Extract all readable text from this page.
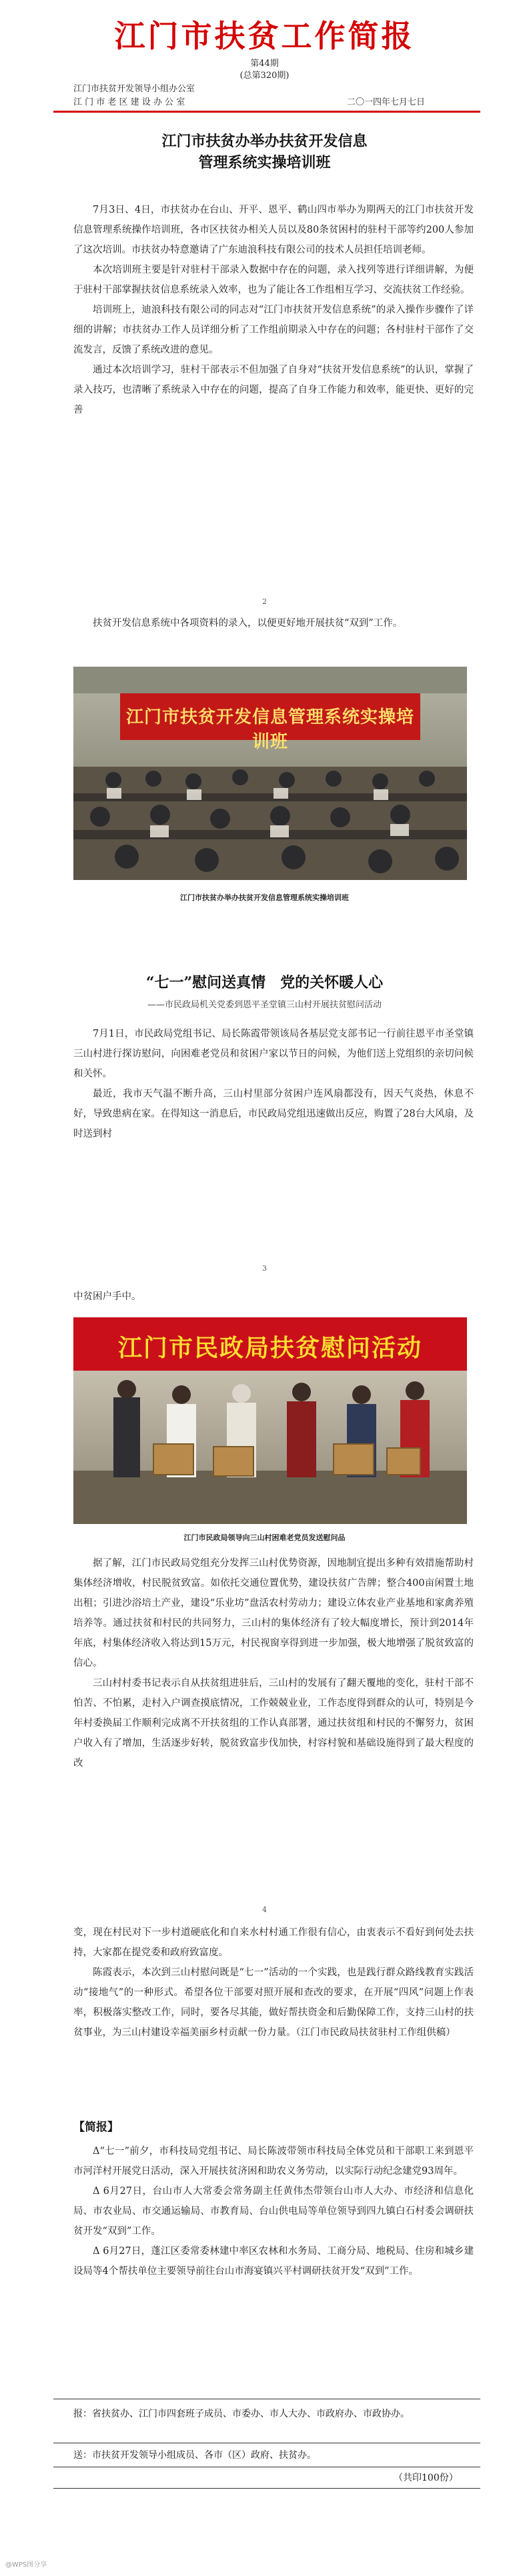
江门市扶贫工作简报
第44期
(总第320期)
江门市扶贫开发领导小组办公室
江 门 市 老 区 建 设 办 公 室	二〇一四年七月七日
江门市扶贫办举办扶贫开发信息
管理系统实操培训班

7月3日、4日，市扶贫办在台山、开平、恩平、鹤山四市举办为期两天的江门市扶贫开发信息管理系统操作培训班，各市区扶贫办相关人员以及80条贫困村的驻村干部等约200人参加了这次培训。市扶贫办特意邀请了广东迪浪科技有限公司的技术人员担任培训老师。

本次培训班主要是针对驻村干部录入数据中存在的问题，录入找列等进行详细讲解，为便于驻村干部掌握扶贫信息系统录入效率，也为了能让各工作组相互学习、交流扶贫工作经验。

培训班上，迪浪科技有限公司的同志对“江门市扶贫开发信息系统”的录入操作步骤作了详细的讲解；市扶贫办工作人员详细分析了工作组前期录入中存在的问题；各村驻村干部作了交流发言，反馈了系统改进的意见。

通过本次培训学习，驻村干部表示不但加强了自身对“扶贫开发信息系统”的认识，掌握了录入技巧，也清晰了系统录入中存在的问题，提高了自身工作能力和效率，能更快、更好的完善

2

扶贫开发信息系统中各项资料的录入，以便更好地开展扶贫“双到”工作。

江门市扶贫开发信息管理系统实操培训班
江门市扶贫办举办扶贫开发信息管理系统实操培训班
“七一”慰问送真情　党的关怀暖人心
——市民政局机关党委到恩平圣堂镇三山村开展扶贫慰问活动

7月1日，市民政局党组书记、局长陈霞带领该局各基层党支部书记一行前往恩平市圣堂镇三山村进行探访慰问，向困难老党员和贫困户家以节日的问候，为他们送上党组织的亲切问候和关怀。

最近，我市天气温不断升高，三山村里部分贫困户连风扇都没有，因天气炎热，休息不好，导致患病在家。在得知这一消息后，市民政局党组迅速做出反应，购置了28台大风扇，及时送到村

3

中贫困户手中。

江门市民政局扶贫慰问活动
江门市民政局领导向三山村困难老党员发送慰问品

据了解，江门市民政局党组充分发挥三山村优势资源，因地制宜提出多种有效措施帮助村集体经济增收，村民脱贫致富。如依托交通位置优势，建设扶贫广告牌；整合400亩闲置土地出租；引进沙浴培土产业，建设“乐业坊”盘活农村劳动力；建设立体农业产业基地和家禽养殖培养等。通过扶贫和村民的共同努力，三山村的集体经济有了较大幅度增长，预计到2014年年底，村集体经济收入将达到15万元，村民视窗享得到进一步加强，极大地增强了脱贫致富的信心。

三山村村委书记表示自从扶贫组进驻后，三山村的发展有了翻天覆地的变化，驻村干部不怕苦、不怕累，走村入户调查摸底情况，工作兢兢业业，工作态度得到群众的认可，特别是今年村委换届工作顺利完成离不开扶贫组的工作认真部署，通过扶贫组和村民的不懈努力，贫困户收入有了增加，生活逐步好转，脱贫致富步伐加快，村容村貌和基础设施得到了最大程度的改

4

变，现在村民对下一步村道硬底化和自来水村村通工作很有信心，由衷表示不看好到何处去扶持，大家都在提党委和政府致富度。

陈霞表示，本次到三山村慰问既是“七一”活动的一个实践，也是践行群众路线教育实践活动“接地气”的一种形式。希望各位干部要对照开展和查改的要求，在开展“四风”问题上作表率，积极落实整改工作，同时，要各尽其能，做好帮扶资金和后勤保障工作，支持三山村的扶贫事业，为三山村建设幸福美丽乡村贡献一份力量。（江门市民政局扶贫驻村工作组供稿）

【简报】

Δ“七一”前夕，市科技局党组书记、局长陈波带领市科技局全体党员和干部职工来到恩平市河洋村开展党日活动，深入开展扶贫济困和助农义务劳动，以实际行动纪念建党93周年。

Δ 6月27日，台山市人大常委会常务副主任黄伟杰带领台山市人大办、市经济和信息化局、市农业局、市交通运输局、市教育局、台山供电局等单位领导到四九镇白石村委会调研扶贫开发“双到”工作。

Δ 6月27日，蓬江区委常委林建中率区农林和水务局、工商分局、地税局、住房和城乡建设局等4个帮扶单位主要领导前往台山市海宴镇兴平村调研扶贫开发“双到”工作。

报：省扶贫办、江门市四套班子成员、市委办、市人大办、市政府办、市政协办。
送：市扶贫开发领导小组成员、各市（区）政府、扶贫办。
（共印100份）
@WPS图分享
